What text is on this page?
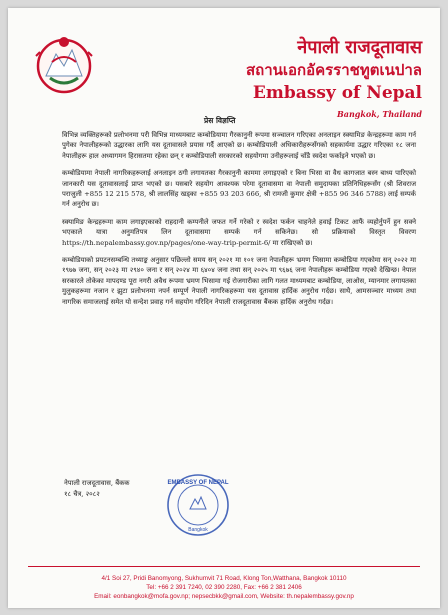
नेपाली राजदूतावास
สถานเอกอัครราชทูตเนปาล
Embassy of Nepal
Bangkok, Thailand
प्रेस विज्ञप्ति

विभिन्न व्यक्तिहरूको प्रलोभनमा परी विभिन्न माध्यमबाट कम्बोडियामा गैरकानुनी रूपमा सञ्चालन गरिएका अनलाइन स्क्यामिङ केन्द्रहरूमा काम गर्न पुगेका नेपालीहरूको उद्धारका लागि यस दूतावासले प्रयास गर्दै आएको छ। कम्बोडियाली अधिकारीहरूसँगको सहकार्यमा उद्धार गरिएका १८ जना नेपालीहरू हाल अध्यागमन हिरासतमा रहेका छन् र कम्बोडियाली सरकारको सहयोगमा उनीहरूलाई चाँडै स्वदेश फर्काइने भएको छ।

कम्बोडियामा नेपाली नागरिकहरूलाई अनलाइन ठगी लगायतका गैरकानुनी काममा लगाइएको र बिना भिसा वा वैध कागजात बस्न बाध्य पारिएको जानकारी यस दूतावासलाई प्राप्त भएको छ। यसबारे सहयोग आवश्यक परेमा दूतावासमा वा नेपाली समुदायका प्रतिनिधिहरूसँग (श्री शिवराज पराजुली +855 12 215 578, श्री लालसिंह खड्का +855 93 203 666, श्री रामजी कुमार क्षेत्री +855 96 346 5788) लाई सम्पर्क गर्न अनुरोध छ।

स्क्यामिङ केन्द्रहरूमा काम लगाइएकाको राहदानी कम्पनीले जफत गर्ने गरेको र स्वदेश फर्कन चाहनेले हवाई टिकट आफैं व्यहोर्नुपर्ने हुन सक्ने भएकाले यात्रा अनुमतिपत्र लिन दूतावासमा सम्पर्क गर्न सकिनेछ। सो प्रक्रियाको विस्तृत विवरण https://th.nepalembassy.gov.np/pages/one-way-trip-permit-6/ मा राखिएको छ।

कम्बोडियाको प्रयटनसम्बन्धि तथ्याङ्क अनुसार पछिल्लो समय सन् २०२१ मा १०१ जना नेपालीहरू भ्रमण भिसामा कम्बोडिया गएकोमा सन् २०२२ मा १९७७ जना, सन् २०२३ मा २९४० जना र सन् २०२४ मा ६४०४ जना तथा सन् २०२५ मा ९६७६ जना नेपालीहरू कम्बोडिया गएको देखिन्छ। नेपाल सरकारले तोकेका मापदण्ड पूरा नगरी अवैध रूपमा भ्रमण भिसामा गई रोजगारीका लागि गलत माध्यमबाट कम्बोडिया, लाओस, म्यानमार लगायतका मुलुकहरूमा नजान र झुटा प्रलोभनमा नपर्न सम्पूर्ण नेपाली नागरिकहरूमा यस दूतावास हार्दिक अनुरोध गर्दछ। साथै, आमसञ्चार माध्यम तथा नागरिक समाजलाई समेत यो सन्देश प्रवाह गर्न सहयोग गरिदिन नेपाली राजदूतावास बैंकक हार्दिक अनुरोध गर्दछ।

नेपाली राजदूतावास, बैंकक
१८ चैत्र, २०८२
EMBASSY OF NEPAL
Bangkok
4/1 Soi 27, Pridi Banomyong, Sukhumvit 71 Road, Klong Ton,Watthana, Bangkok 10110
Tel: +66 2 391 7240, 02 390 2280, Fax: +66 2 381 2406
Email: eonbangkok@mofa.gov.np; nepsecbkk@gmail.com, Website: th.nepalembassy.gov.np
